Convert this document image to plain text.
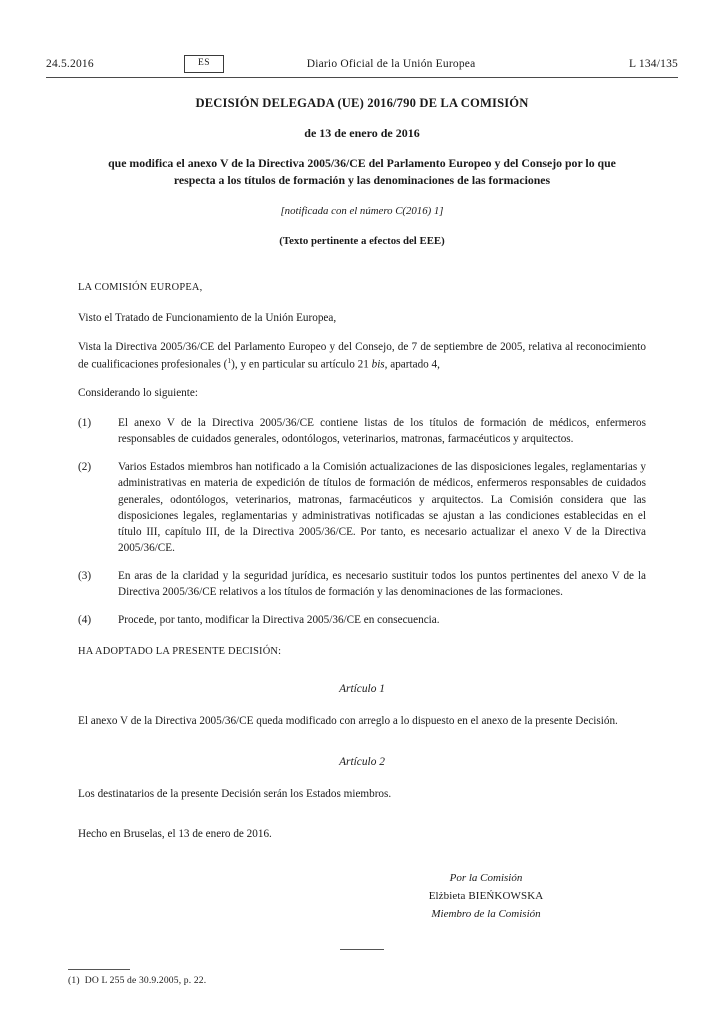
24.5.2016	ES	Diario Oficial de la Unión Europea	L 134/135
DECISIÓN DELEGADA (UE) 2016/790 DE LA COMISIÓN
de 13 de enero de 2016
que modifica el anexo V de la Directiva 2005/36/CE del Parlamento Europeo y del Consejo por lo que respecta a los títulos de formación y las denominaciones de las formaciones
[notificada con el número C(2016) 1]
(Texto pertinente a efectos del EEE)
LA COMISIÓN EUROPEA,
Visto el Tratado de Funcionamiento de la Unión Europea,
Vista la Directiva 2005/36/CE del Parlamento Europeo y del Consejo, de 7 de septiembre de 2005, relativa al reconocimiento de cualificaciones profesionales ($^1$), y en particular su artículo 21 bis, apartado 4,
Considerando lo siguiente:
(1)	El anexo V de la Directiva 2005/36/CE contiene listas de los títulos de formación de médicos, enfermeros responsables de cuidados generales, odontólogos, veterinarios, matronas, farmacéuticos y arquitectos.
(2)	Varios Estados miembros han notificado a la Comisión actualizaciones de las disposiciones legales, reglamentarias y administrativas en materia de expedición de títulos de formación de médicos, enfermeros responsables de cuidados generales, odontólogos, veterinarios, matronas, farmacéuticos y arquitectos. La Comisión considera que las disposiciones legales, reglamentarias y administrativas notificadas se ajustan a las condiciones establecidas en el título III, capítulo III, de la Directiva 2005/36/CE. Por tanto, es necesario actualizar el anexo V de la Directiva 2005/36/CE.
(3)	En aras de la claridad y la seguridad jurídica, es necesario sustituir todos los puntos pertinentes del anexo V de la Directiva 2005/36/CE relativos a los títulos de formación y las denominaciones de las formaciones.
(4)	Procede, por tanto, modificar la Directiva 2005/36/CE en consecuencia.
HA ADOPTADO LA PRESENTE DECISIÓN:
Artículo 1
El anexo V de la Directiva 2005/36/CE queda modificado con arreglo a lo dispuesto en el anexo de la presente Decisión.
Artículo 2
Los destinatarios de la presente Decisión serán los Estados miembros.
Hecho en Bruselas, el 13 de enero de 2016.
Por la Comisión
Elżbieta BIEŃKOWSKA
Miembro de la Comisión
(1)  DO L 255 de 30.9.2005, p. 22.
